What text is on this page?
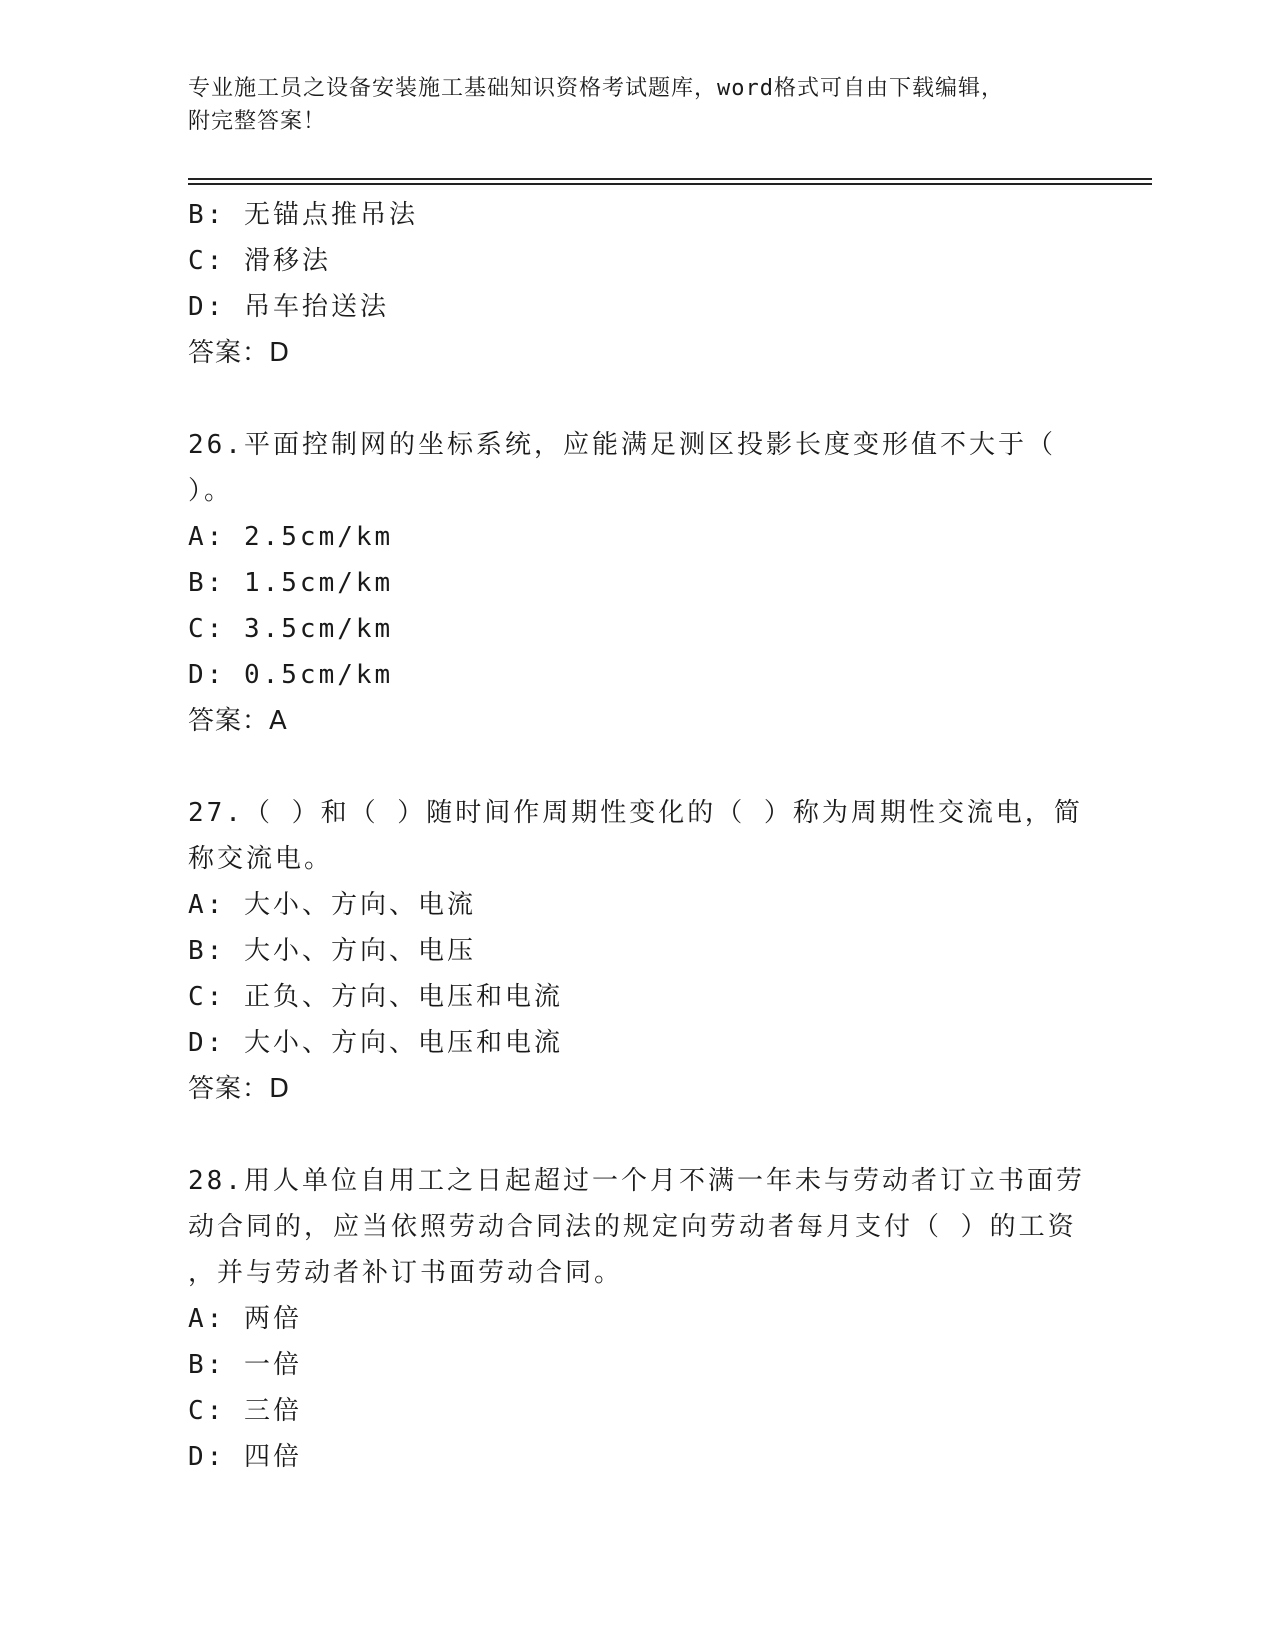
专业施工员之设备安装施工基础知识资格考试题库，word格式可自由下载编辑，
附完整答案！
B: 无锚点推吊法
C: 滑移法
D: 吊车抬送法
答案：D
26.平面控制网的坐标系统，应能满足测区投影长度变形值不大于（
）。
A: 2.5cm/km
B: 1.5cm/km
C: 3.5cm/km
D: 0.5cm/km
答案：A
27.（ ）和（ ）随时间作周期性变化的（ ）称为周期性交流电，简
称交流电。
A: 大小、方向、电流
B: 大小、方向、电压
C: 正负、方向、电压和电流
D: 大小、方向、电压和电流
答案：D
28.用人单位自用工之日起超过一个月不满一年未与劳动者订立书面劳
动合同的，应当依照劳动合同法的规定向劳动者每月支付（ ）的工资
，并与劳动者补订书面劳动合同。
A: 两倍
B: 一倍
C: 三倍
D: 四倍
